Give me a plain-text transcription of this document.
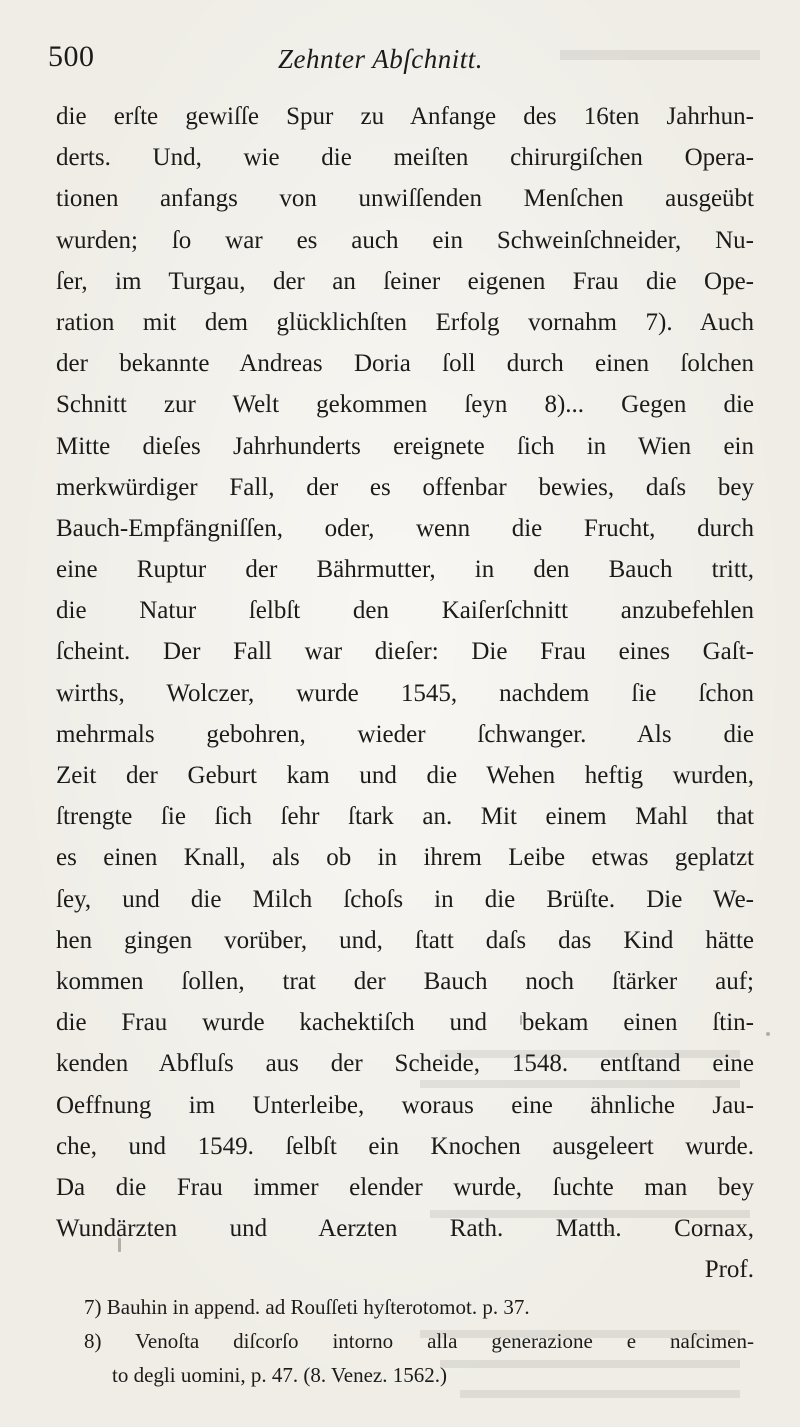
500	Zehnter Abſchnitt.
die erſte gewiſſe Spur zu Anfange des 16ten Jahrhun-
derts. Und, wie die meiſten chirurgiſchen Opera-
tionen anfangs von unwiſſenden Menſchen ausgeübt
wurden; ſo war es auch ein Schweinſchneider, Nu-
ſer, im Turgau, der an ſeiner eigenen Frau die Ope-
ration mit dem glücklichſten Erfolg vornahm 7). Auch
der bekannte Andreas Doria ſoll durch einen ſolchen
Schnitt zur Welt gekommen ſeyn 8)... Gegen die
Mitte dieſes Jahrhunderts ereignete ſich in Wien ein
merkwürdiger Fall, der es offenbar bewies, daſs bey
Bauch-Empfängniſſen, oder, wenn die Frucht, durch
eine Ruptur der Bährmutter, in den Bauch tritt,
die Natur ſelbſt den Kaiſerſchnitt anzubefehlen
ſcheint. Der Fall war dieſer: Die Frau eines Gaſt-
wirths, Wolczer, wurde 1545, nachdem ſie ſchon
mehrmals gebohren, wieder ſchwanger. Als die
Zeit der Geburt kam und die Wehen heftig wurden,
ſtrengte ſie ſich ſehr ſtark an. Mit einem Mahl that
es einen Knall, als ob in ihrem Leibe etwas geplatzt
ſey, und die Milch ſchoſs in die Brüſte. Die We-
hen gingen vorüber, und, ſtatt daſs das Kind hätte
kommen ſollen, trat der Bauch noch ſtärker auf;
die Frau wurde kachektiſch und bekam einen ſtin-
kenden Abfluſs aus der Scheide, 1548. entſtand eine
Oeffnung im Unterleibe, woraus eine ähnliche Jau-
che, und 1549. ſelbſt ein Knochen ausgeleert wurde.
Da die Frau immer elender wurde, ſuchte man bey
Wundärzten und Aerzten Rath. Matth. Cornax,
Prof.
7) Bauhin in append. ad Rouſſeti hyſterotomot. p. 37.
8) Venoſta diſcorſo intorno alla generazione e naſcimen-
to degli uomini, p. 47. (8. Venez. 1562.)
